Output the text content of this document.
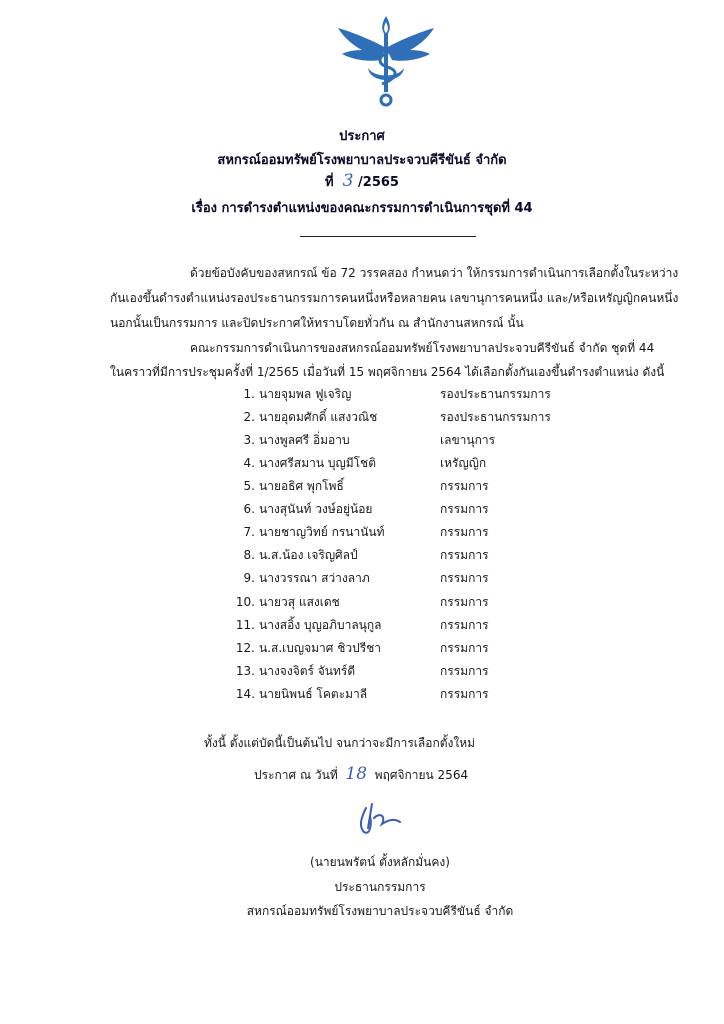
ประกาศ
สหกรณ์ออมทรัพย์โรงพยาบาลประจวบคีรีขันธ์ จำกัด
ที่ 3 /2565
เรื่อง การดำรงตำแหน่งของคณะกรรมการดำเนินการชุดที่ 44
ด้วยข้อบังคับของสหกรณ์ ข้อ 72 วรรคสอง กำหนดว่า ให้กรรมการดำเนินการเลือกตั้งในระหว่าง
กันเองขึ้นดำรงตำแหน่งรองประธานกรรมการคนหนึ่งหรือหลายคน เลขานุการคนหนึ่ง และ/หรือเหรัญญิกคนหนึ่ง
นอกนั้นเป็นกรรมการ และปิดประกาศให้ทราบโดยทั่วกัน ณ สำนักงานสหกรณ์ นั้น
คณะกรรมการดำเนินการของสหกรณ์ออมทรัพย์โรงพยาบาลประจวบคีรีขันธ์ จำกัด ชุดที่ 44
ในคราวที่มีการประชุมครั้งที่ 1/2565 เมื่อวันที่ 15 พฤศจิกายน 2564 ได้เลือกตั้งกันเองขึ้นดำรงตำแหน่ง ดังนี้
1. นายจุมพล ฟูเจริญ	รองประธานกรรมการ
2. นายอุดมศักดิ์ แสงวณิช	รองประธานกรรมการ
3. นางพูลศรี อิ่มอาบ	เลขานุการ
4. นางศรีสมาน บุญมีโชติ	เหรัญญิก
5. นายอธิศ พุกโพธิ์	กรรมการ
6. นางสุนันท์ วงษ์อยู่น้อย	กรรมการ
7. นายชาญวิทย์ กรนานันท์	กรรมการ
8. น.ส.น้อง เจริญศิลป์	กรรมการ
9. นางวรรณา สว่างลาภ	กรรมการ
10. นายวสุ แสงเดช	กรรมการ
11. นางสอิ้ง บุญอภิบาลนุกูล	กรรมการ
12. น.ส.เบญจมาศ ชิวปรีชา	กรรมการ
13. นางจงจิตร์ จันทร์ดี	กรรมการ
14. นายนิพนธ์ โคตะมาลี	กรรมการ
ทั้งนี้ ตั้งแต่บัดนี้เป็นต้นไป จนกว่าจะมีการเลือกตั้งใหม่
ประกาศ ณ วันที่ 18 พฤศจิกายน 2564
(นายนพรัตน์ ตั้งหลักมั่นคง)
ประธานกรรมการ
สหกรณ์ออมทรัพย์โรงพยาบาลประจวบคีรีขันธ์ จำกัด
